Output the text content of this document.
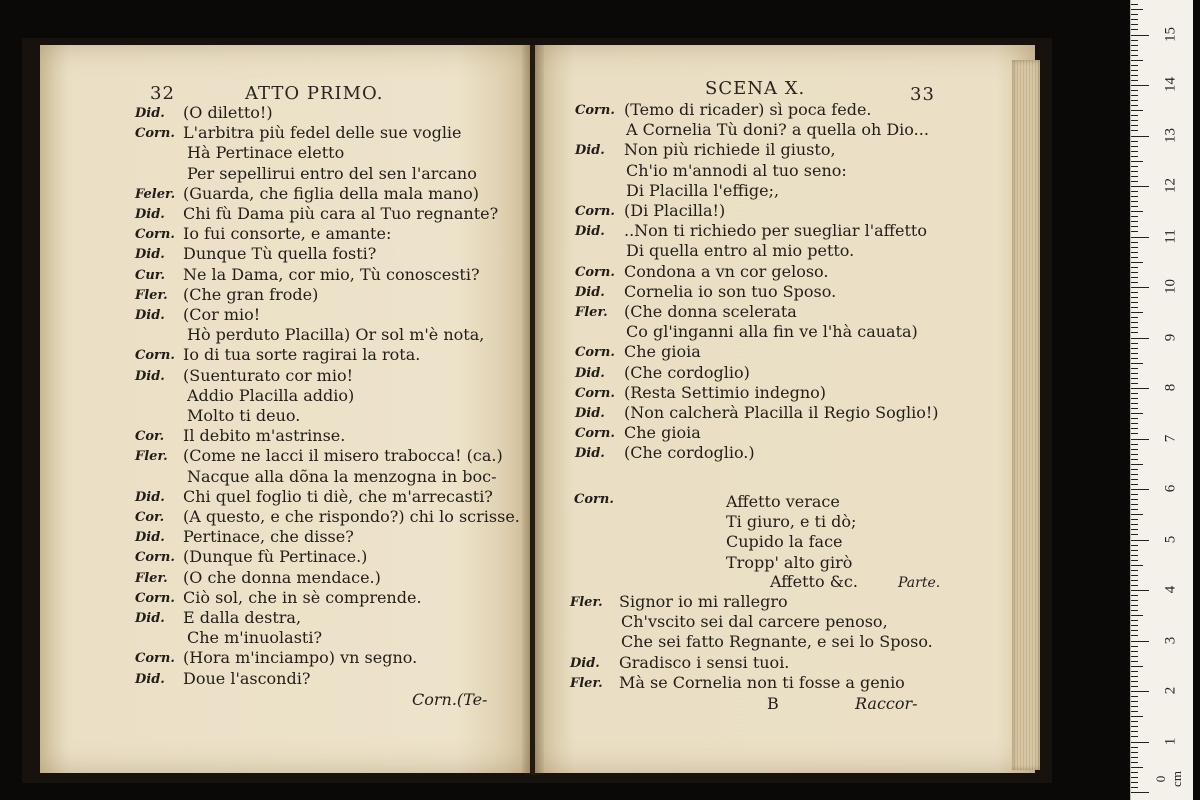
32	ATTO PRIMO.
Did. (O diletto!)
Corn. L'arbitra più fedel delle sue voglie
Hà Pertinace eletto
Per sepellirui entro del sen l'arcano
Feler. (Guarda, che figlia della mala mano)
Did. Chi fù Dama più cara al Tuo regnante?
Corn. Io fui consorte, e amante:
Did. Dunque Tù quella fosti?
Cur. Ne la Dama, cor mio, Tù conoscesti?
Fler. (Che gran frode)
Did. (Cor mio!
Hò perduto Placilla) Or sol m'è nota,
Corn. Io di tua sorte ragirai la rota.
Did. (Suenturato cor mio!
Addio Placilla addio)
Molto ti deuo.
Cor. Il debito m'astrinse.
Fler. (Come ne lacci il misero trabocca! (ca.)
Nacque alla dõna la menzogna in boc-
Did. Chi quel foglio ti diè, che m'arrecasti?
Cor. (A questo, e che rispondo?) chi lo scrisse.
Did. Pertinace, che disse?
Corn. (Dunque fù Pertinace.)
Fler. (O che donna mendace.)
Corn. Ciò sol, che in sè comprende.
Did. E dalla destra,
Che m'inuolasti?
Corn. (Hora m'inciampo) vn segno.
Did. Doue l'ascondi?
Corn.(Te-
SCENA X.	33
Corn. (Temo di ricader) sì poca fede.
A Cornelia Tù doni? a quella oh Dio...
Did. Non più richiede il giusto,
Ch'io m'annodi al tuo seno:
Di Placilla l'effige;,
Corn. (Di Placilla!)
Did. ..Non ti richiedo per suegliar l'affetto
Di quella entro al mio petto.
Corn. Condona a vn cor geloso.
Did. Cornelia io son tuo Sposo.
Fler. (Che donna scelerata
Co gl'inganni alla fin ve l'hà cauata)
Corn. Che gioia
Did. (Che cordoglio)
Corn. (Resta Settimio indegno)
Did. (Non calcherà Placilla il Regio Soglio!)
Corn. Che gioia
Did. (Che cordoglio.)
Corn.	Affetto verace
Ti giuro, e ti dò;
Cupido la face
Tropp' alto girò
Affetto &c.	Parte.
Fler. Signor io mi rallegro
Ch'vscito sei dal carcere penoso,
Che sei fatto Regnante, e sei lo Sposo.
Did. Gradisco i sensi tuoi.
Fler. Mà se Cornelia non ti fosse a genio
B	Raccor-
1
2
3
4
5
6
7
8
9
10
11
12
13
14
15
0 cm
